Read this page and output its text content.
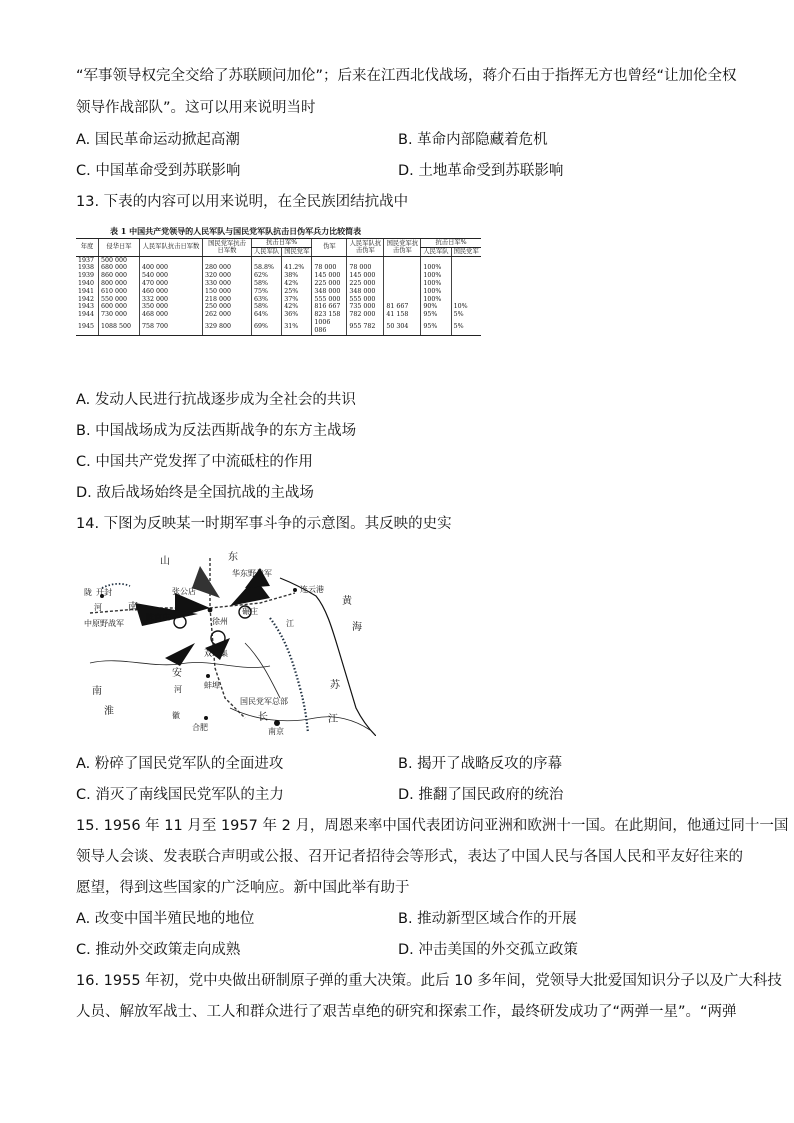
“军事领导权完全交给了苏联顾问加伦”；后来在江西北伐战场，蒋介石由于指挥无方也曾经“让加伦全权
领导作战部队”。这可以用来说明当时
A. 国民革命运动掀起高潮	B. 革命内部隐藏着危机
C. 中国革命受到苏联影响	D. 土地革命受到苏联影响
13. 下表的内容可以用来说明，在全民族团结抗战中
表 1 中国共产党领导的人民军队与国民党军队抗击日伪军兵力比较简表
年度	侵华日军	人民军队抗击日军数	国民党军抗击日军数	抗击日军%		伪军	人民军队抗击伪军	国民党军抗击伪军	抗击日军%	
				人民军队	国民党军				人民军队	国民党军
1937	500 000									
1938	680 000	400 000	280 000	58.8%	41.2%	78 000	78 000		100%	
1939	860 000	540 000	320 000	62%	38%	145 000	145 000		100%	
1940	800 000	470 000	330 000	58%	42%	225 000	225 000		100%	
1941	610 000	460 000	150 000	75%	25%	348 000	348 000		100%	
1942	550 000	332 000	218 000	63%	37%	555 000	555 000		100%	
1943	600 000	350 000	250 000	58%	42%	816 667	735 000	81 667	90%	10%
1944	730 000	468 000	262 000	64%	36%	823 158	782 000	41 158	95%	5%
1945	1088 500	758 700	329 800	69%	31%	1006 086	955 782	50 304	95%	5%
A. 发动人民进行抗战逐步成为全社会的共识
B. 中国战场成为反法西斯战争的东方主战场
C. 中国共产党发挥了中流砥柱的作用
D. 敌后战场始终是全国抗战的主战场
14. 下图为反映某一时期军事斗争的示意图。其反映的史实
山	东
华东野战军
连云港
黄
海
陇 开封
南
河
中原野战军
张公店
陈官庄	徐州
碾庄
江
安
双堆集
蚌埠	苏
河
南
淮	徽
合肥
国民党军总部
长
南京
江
A. 粉碎了国民党军队的全面进攻	B. 揭开了战略反攻的序幕
C. 消灭了南线国民党军队的主力	D. 推翻了国民政府的统治
15. 1956 年 11 月至 1957 年 2 月，周恩来率中国代表团访问亚洲和欧洲十一国。在此期间，他通过同十一国
领导人会谈、发表联合声明或公报、召开记者招待会等形式，表达了中国人民与各国人民和平友好往来的
愿望，得到这些国家的广泛响应。新中国此举有助于
A. 改变中国半殖民地的地位	B. 推动新型区域合作的开展
C. 推动外交政策走向成熟	D. 冲击美国的外交孤立政策
16. 1955 年初，党中央做出研制原子弹的重大决策。此后 10 多年间，党领导大批爱国知识分子以及广大科技
人员、解放军战士、工人和群众进行了艰苦卓绝的研究和探索工作，最终研发成功了“两弹一星”。“两弹
